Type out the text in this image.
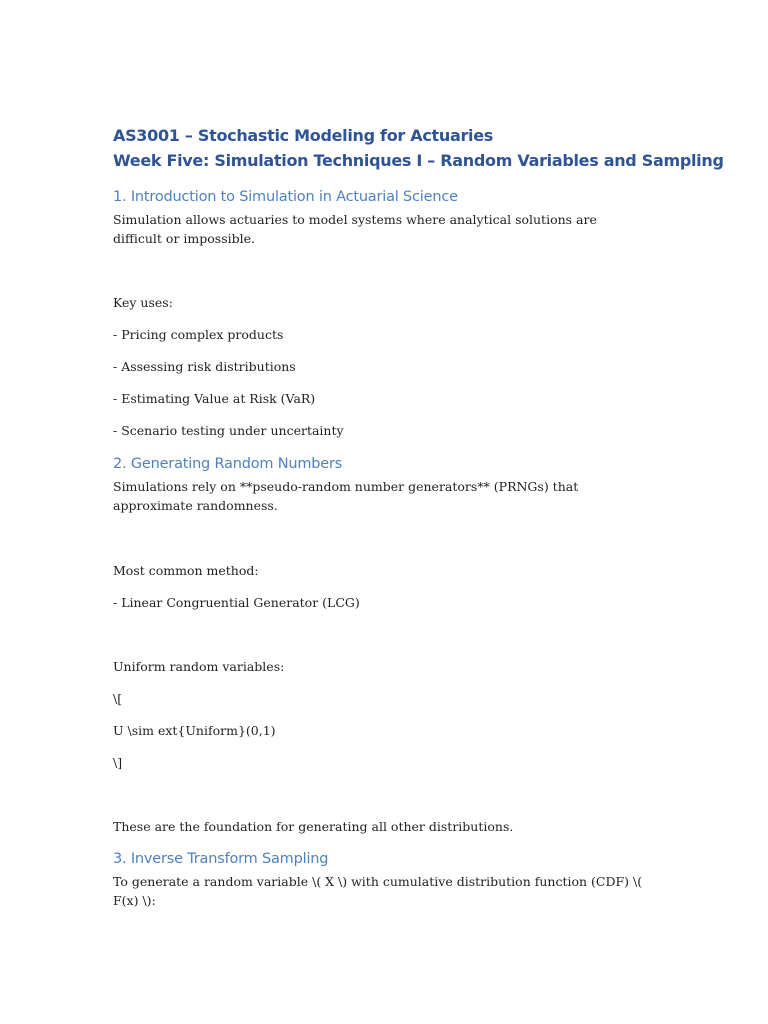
AS3001 – Stochastic Modeling for Actuaries
Week Five: Simulation Techniques I – Random Variables and Sampling
1. Introduction to Simulation in Actuarial Science
Simulation allows actuaries to model systems where analytical solutions are difficult or impossible.
Key uses:
- Pricing complex products
- Assessing risk distributions
- Estimating Value at Risk (VaR)
- Scenario testing under uncertainty
2. Generating Random Numbers
Simulations rely on **pseudo-random number generators** (PRNGs) that approximate randomness.
Most common method:
- Linear Congruential Generator (LCG)
Uniform random variables:
\[
U \sim ext{Uniform}(0,1)
\]
These are the foundation for generating all other distributions.
3. Inverse Transform Sampling
To generate a random variable \( X \) with cumulative distribution function (CDF) \( F(x) \):
